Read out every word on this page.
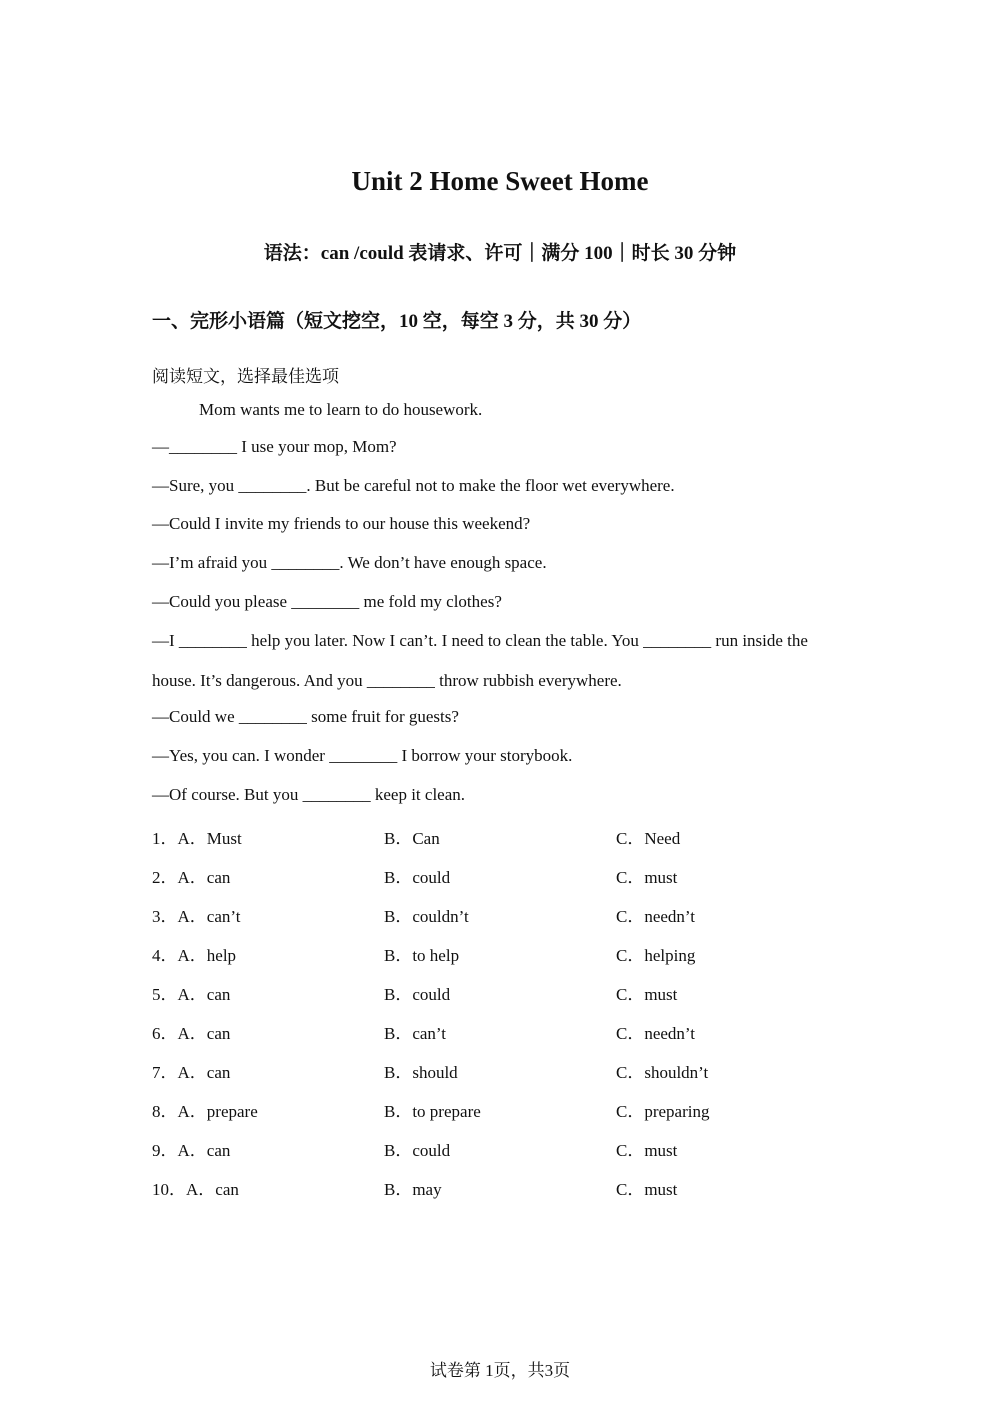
Unit 2 Home Sweet Home
语法：can /could 表请求、许可｜满分 100｜时长 30 分钟
一、完形小语篇（短文挖空，10 空，每空 3 分，共 30 分）
阅读短文，选择最佳选项
Mom wants me to learn to do housework.
—________ I use your mop, Mom?
—Sure, you ________. But be careful not to make the floor wet everywhere.
—Could I invite my friends to our house this weekend?
—I’m afraid you ________. We don’t have enough space.
—Could you please ________ me fold my clothes?
—I ________ help you later. Now I can’t. I need to clean the table. You ________ run inside the
house. It’s dangerous. And you ________ throw rubbish everywhere.
—Could we ________ some fruit for guests?
—Yes, you can. I wonder ________ I borrow your storybook.
—Of course. But you ________ keep it clean.
1．A．Must	B．Can	C．Need
2．A．can	B．could	C．must
3．A．can’t	B．couldn’t	C．needn’t
4．A．help	B．to help	C．helping
5．A．can	B．could	C．must
6．A．can	B．can’t	C．needn’t
7．A．can	B．should	C．shouldn’t
8．A．prepare	B．to prepare	C．preparing
9．A．can	B．could	C．must
10．A．can	B．may	C．must
试卷第 1页，共3页
